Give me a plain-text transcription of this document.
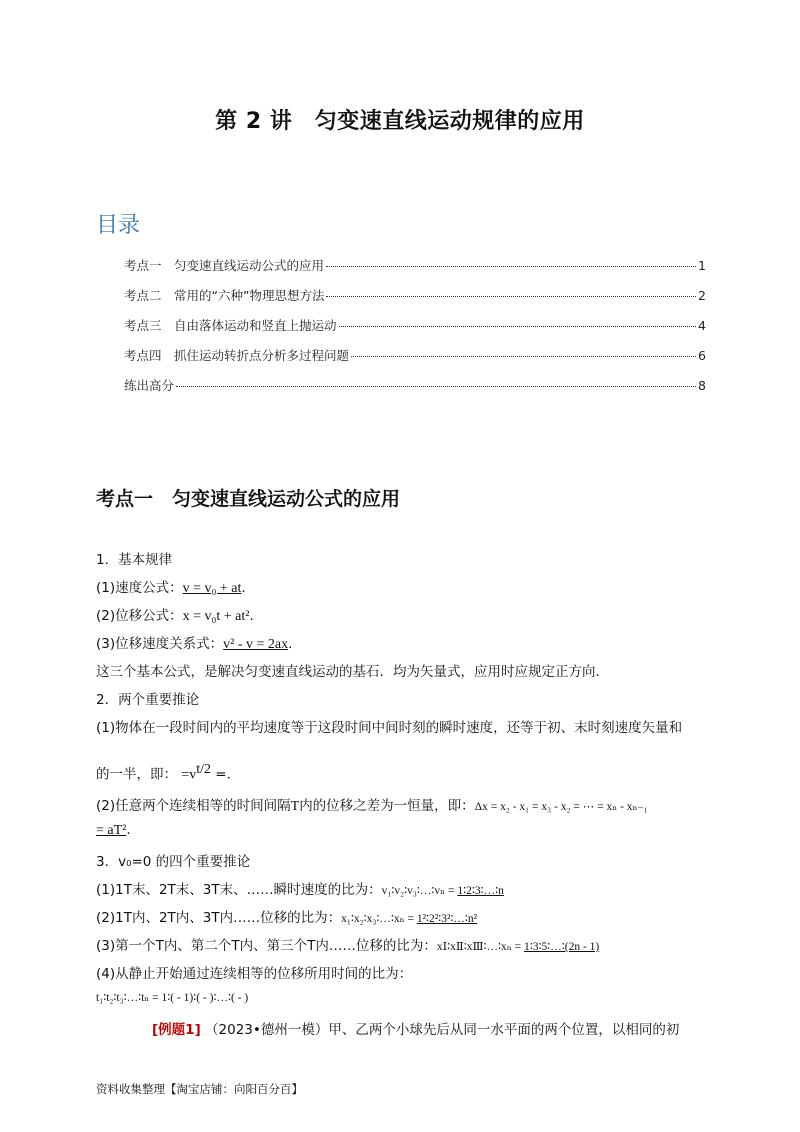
第 2 讲　匀变速直线运动规律的应用
目录
考点一　匀变速直线运动公式的应用	1
考点二　常用的“六种”物理思想方法	2
考点三　自由落体运动和竖直上抛运动	4
考点四　抓住运动转折点分析多过程问题	6
练出高分	8
考点一　匀变速直线运动公式的应用
1．基本规律
(1)速度公式：v = v₀ + at.
(2)位移公式：x = v₀t + at².
(3)位移速度关系式：v² - v = 2ax.
这三个基本公式，是解决匀变速直线运动的基石．均为矢量式，应用时应规定正方向．
2．两个重要推论
(1)物体在一段时间内的平均速度等于这段时间中间时刻的瞬时速度，还等于初、末时刻速度矢量和
的一半，即： $=v^{t/2}$ =．
(2)任意两个连续相等的时间间隔T内的位移之差为一恒量，即：Δx = x₂ - x₁ = x₃ - x₂ = ⋯ = xₙ - xₙ₋₁
= aT².
3．v₀=0 的四个重要推论
(1)1T末、2T末、3T末、……瞬时速度的比为：v₁∶v₂∶v₃∶…∶vₙ = 1∶2∶3∶…∶n
(2)1T内、2T内、3T内……位移的比为：x₁∶x₂∶x₃∶…∶xₙ = 1²∶2²∶3²∶…∶n²
(3)第一个T内、第二个T内、第三个T内……位移的比为：xⅠ∶xⅡ∶xⅢ∶…∶xₙ = 1∶3∶5∶…∶(2n - 1)
(4)从静止开始通过连续相等的位移所用时间的比为：
t₁∶t₂∶t₃∶…∶tₙ = 1∶( - 1)∶( - )∶…∶( - )
[例题1] （2023•德州一模）甲、乙两个小球先后从同一水平面的两个位置，以相同的初
资料收集整理【淘宝店铺：向阳百分百】
